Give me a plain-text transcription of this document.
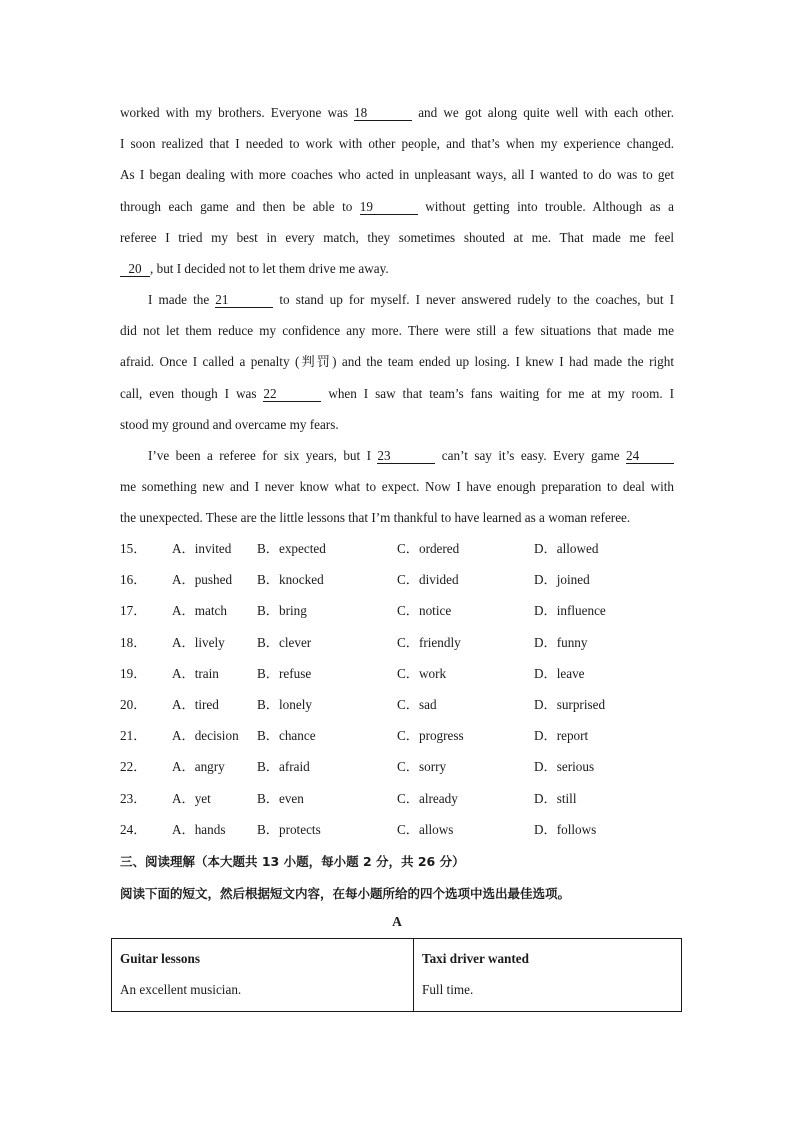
worked with my brothers. Everyone was 18	and we got along quite well with each other.
I soon realized that I needed to work with other people, and that’s when my experience changed.
As I began dealing with more coaches who acted in unpleasant ways, all I wanted to do was to get
through each game and then be able to 19	without getting into trouble. Although as a
referee I tried my best in every match, they sometimes shouted at me. That made me feel
20 , but I decided not to let them drive me away.
I made the 21	to stand up for myself. I never answered rudely to the coaches, but I
did not let them reduce my confidence any more. There were still a few situations that made me
afraid. Once I called a penalty (判罚) and the team ended up losing. I knew I had made the right
call, even though I was 22	when I saw that team’s fans waiting for me at my room. I
stood my ground and overcame my fears.
I’ve been a referee for six years, but I 23	can’t say it’s easy. Every game 24
me something new and I never know what to expect. Now I have enough preparation to deal with
the unexpected. These are the little lessons that I’m thankful to have learned as a woman referee.
15． A．invited B．expected	C．ordered	D．allowed
16． A．pushed B．knocked	C．divided	D．joined
17． A．match B．bring	C．notice	D．influence
18． A．lively B．clever	C．friendly	D．funny
19． A．train	B．refuse	C．work	D．leave
20． A．tired	B．lonely	C．sad	D．surprised
21． A．decision B．chance	C．progress	D．report
22． A．angry B．afraid	C．sorry	D．serious
23． A．yet	B．even	C．already	D．still
24． A．hands B．protects	C．allows	D．follows
三、阅读理解（本大题共 13 小题，每小题 2 分，共 26 分）
阅读下面的短文，然后根据短文内容，在每小题所给的四个选项中选出最佳选项。
A
Guitar lessons
An excellent musician.
Taxi driver wanted
Full time.
